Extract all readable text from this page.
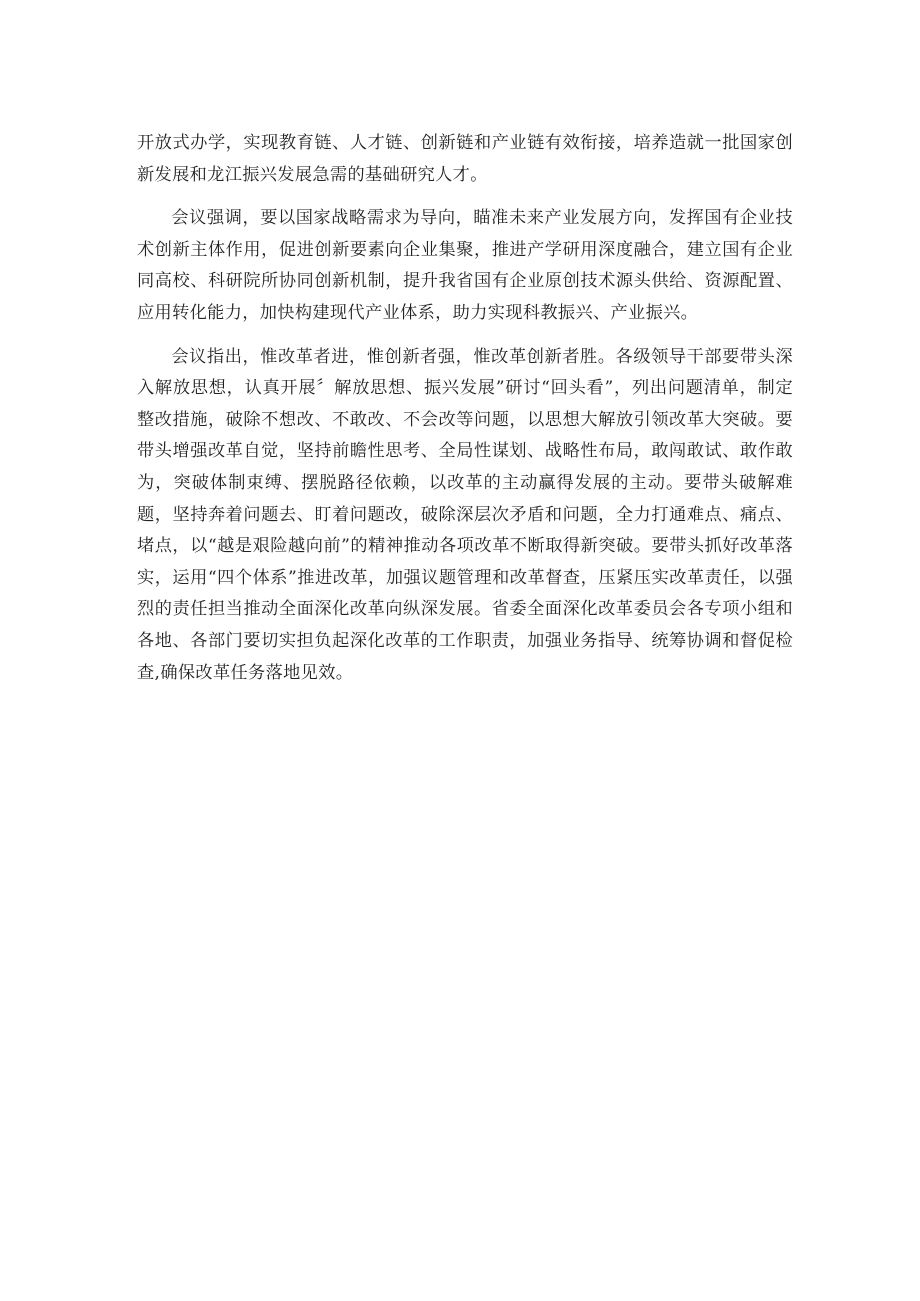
开放式办学，实现教育链、人才链、创新链和产业链有效衔接，培养造就一批国家创新发展和龙江振兴发展急需的基础研究人才。

会议强调，要以国家战略需求为导向，瞄准未来产业发展方向，发挥国有企业技术创新主体作用，促进创新要素向企业集聚，推进产学研用深度融合，建立国有企业同高校、科研院所协同创新机制，提升我省国有企业原创技术源头供给、资源配置、应用转化能力，加快构建现代产业体系，助力实现科教振兴、产业振兴。

会议指出，惟改革者进，惟创新者强，惟改革创新者胜。各级领导干部要带头深入解放思想，认真开展〞解放思想、振兴发展”研讨“回头看”，列出问题清单，制定整改措施，破除不想改、不敢改、不会改等问题，以思想大解放引领改革大突破。要带头增强改革自觉，坚持前瞻性思考、全局性谋划、战略性布局，敢闯敢试、敢作敢为，突破体制束缚、摆脱路径依赖，以改革的主动赢得发展的主动。要带头破解难题，坚持奔着问题去、盯着问题改，破除深层次矛盾和问题，全力打通难点、痛点、堵点，以“越是艰险越向前”的精神推动各项改革不断取得新突破。要带头抓好改革落实，运用“四个体系”推进改革，加强议题管理和改革督查，压紧压实改革责任，以强烈的责任担当推动全面深化改革向纵深发展。省委全面深化改革委员会各专项小组和各地、各部门要切实担负起深化改革的工作职责，加强业务指导、统筹协调和督促检查,确保改革任务落地见效。
